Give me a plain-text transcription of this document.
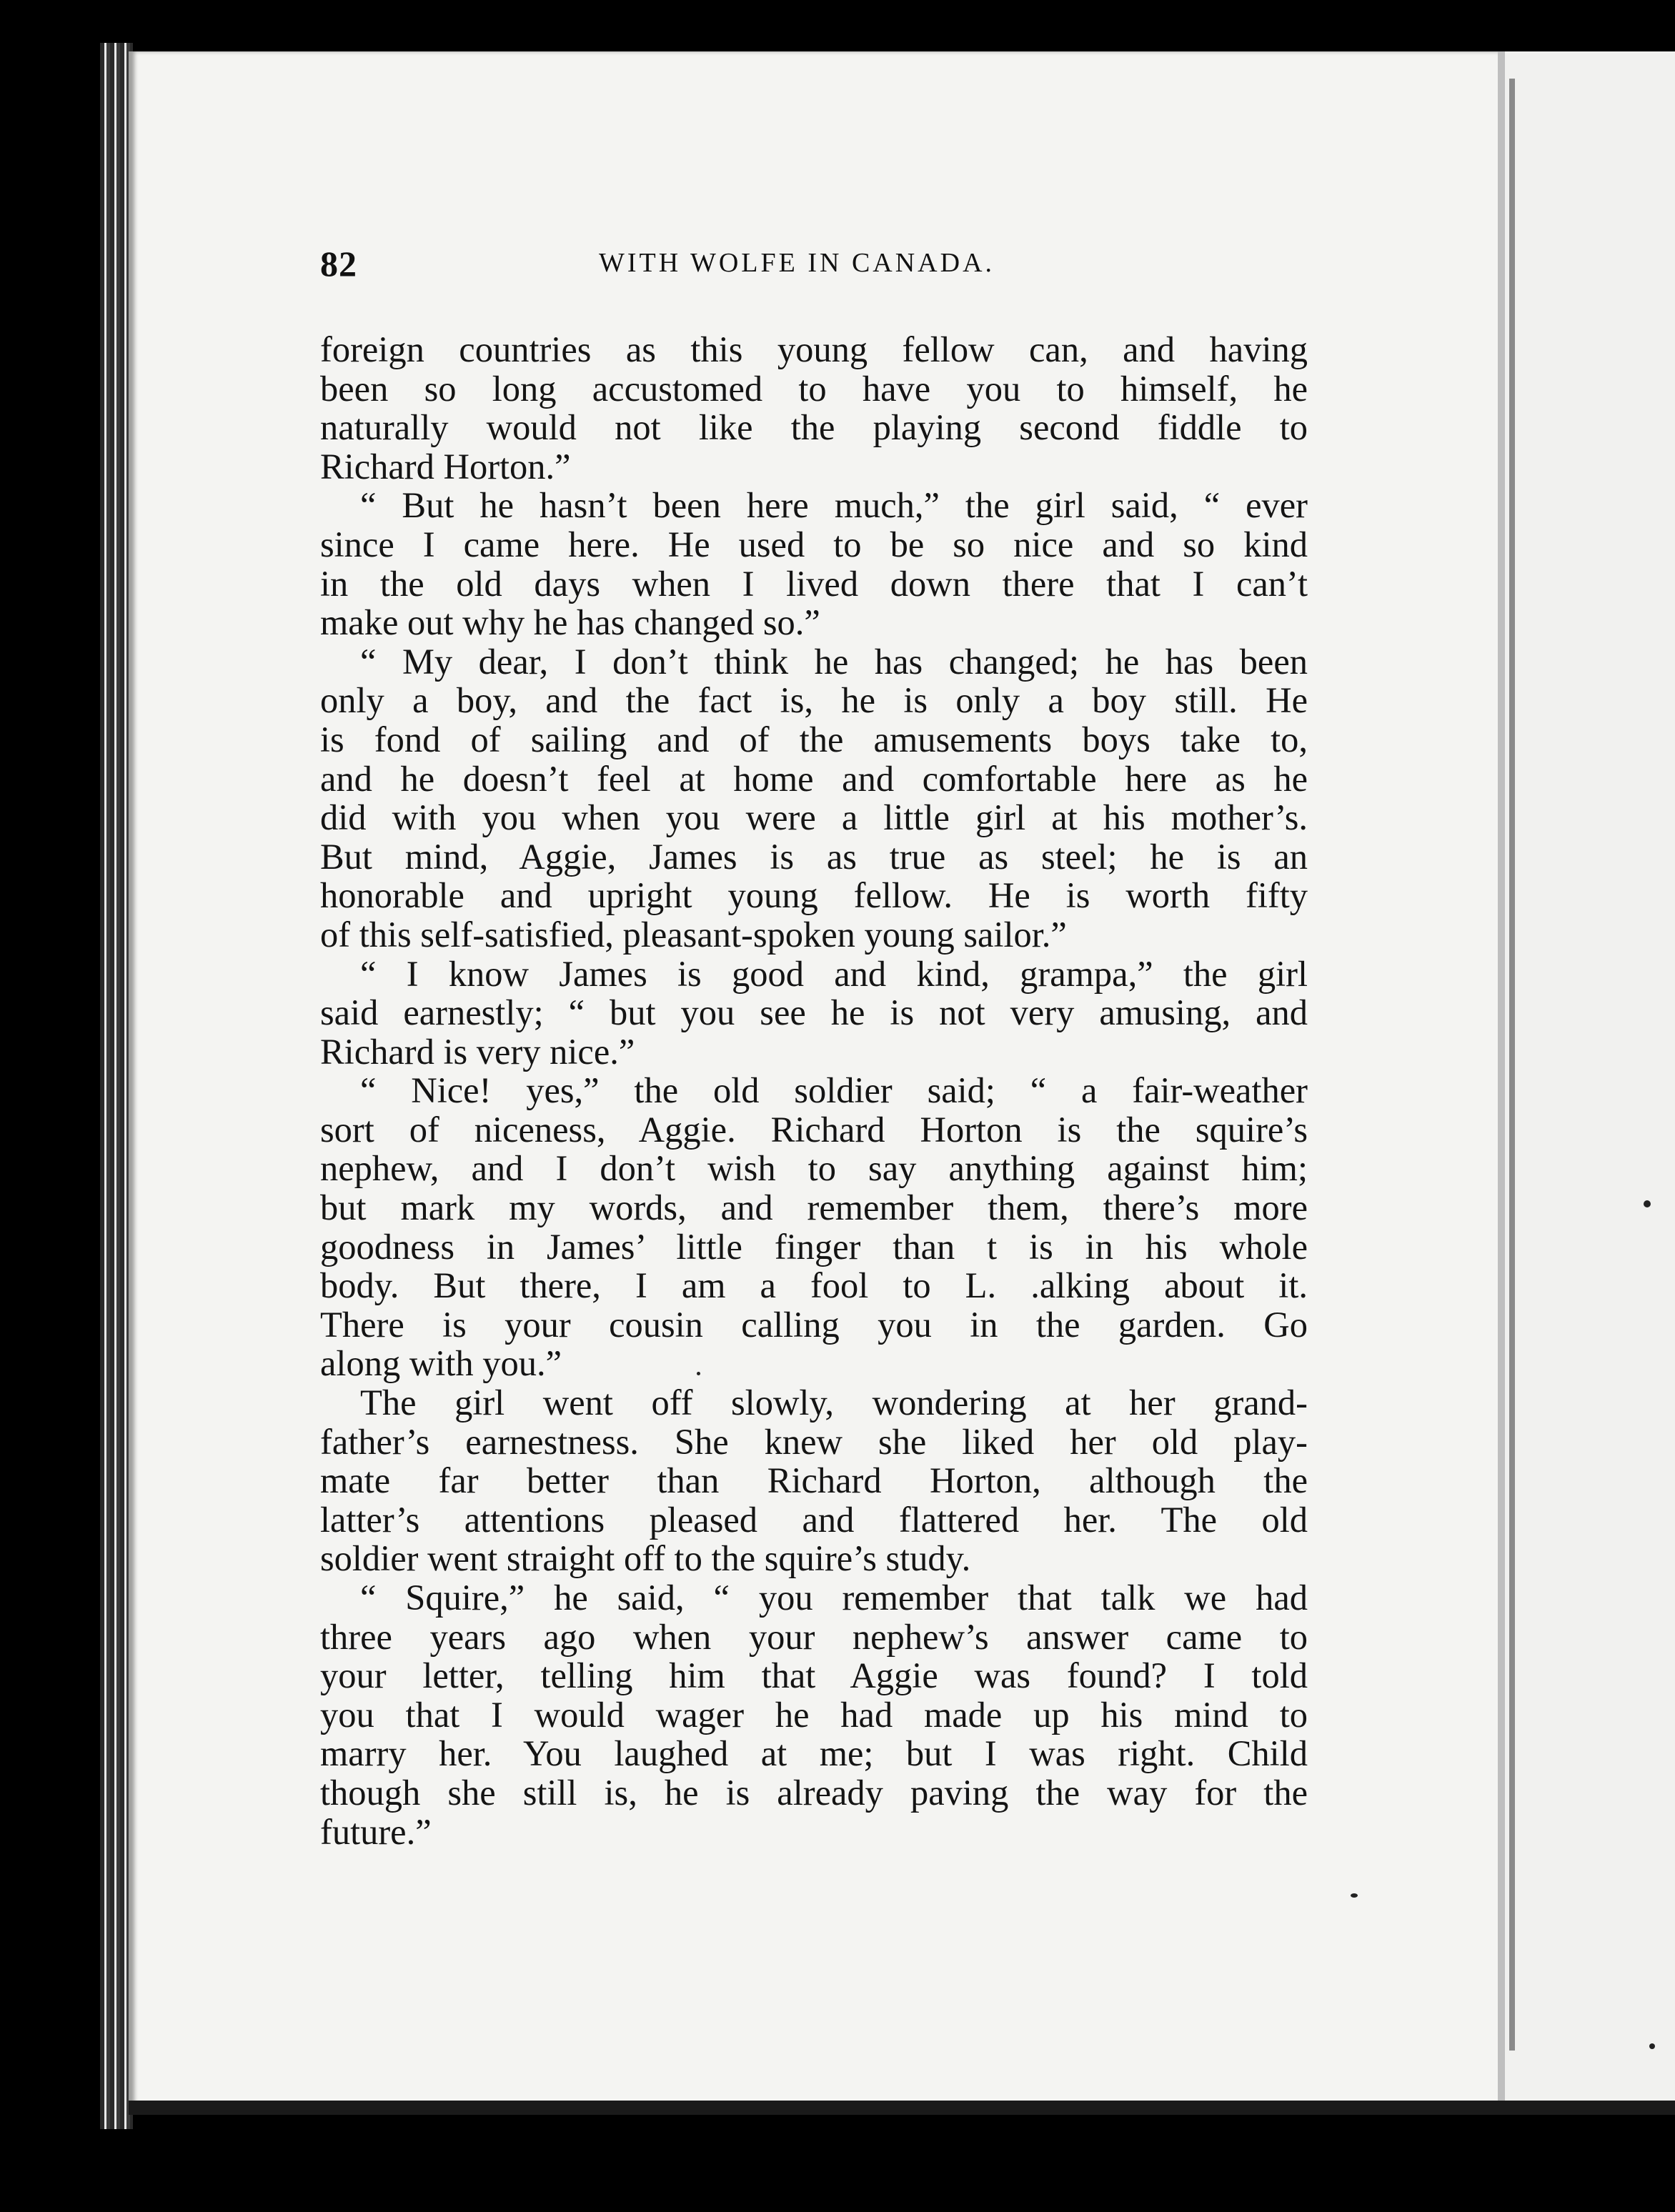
82	WITH WOLFE IN CANADA.
foreign countries as this young fellow can, and having
been so long accustomed to have you to himself, he
naturally would not like the playing second fiddle to
Richard Horton.”
“ But he hasn’t been here much,” the girl said, “ ever
since I came here. He used to be so nice and so kind
in the old days when I lived down there that I can’t
make out why he has changed so.”
“ My dear, I don’t think he has changed; he has been
only a boy, and the fact is, he is only a boy still. He
is fond of sailing and of the amusements boys take to,
and he doesn’t feel at home and comfortable here as he
did with you when you were a little girl at his mother’s.
But mind, Aggie, James is as true as steel; he is an
honorable and upright young fellow. He is worth fifty
of this self-satisfied, pleasant-spoken young sailor.”
“ I know James is good and kind, grampa,” the girl
said earnestly; “ but you see he is not very amusing, and
Richard is very nice.”
“ Nice! yes,” the old soldier said; “ a fair-weather
sort of niceness, Aggie. Richard Horton is the squire’s
nephew, and I don’t wish to say anything against him;
but mark my words, and remember them, there’s more
goodness in James’ little finger than t is in his whole
body. But there, I am a fool to L. .alking about it.
There is your cousin calling you in the garden. Go
along with you.”
The girl went off slowly, wondering at her grand-
father’s earnestness. She knew she liked her old play-
mate far better than Richard Horton, although the
latter’s attentions pleased and flattered her. The old
soldier went straight off to the squire’s study.
“ Squire,” he said, “ you remember that talk we had
three years ago when your nephew’s answer came to
your letter, telling him that Aggie was found? I told
you that I would wager he had made up his mind to
marry her. You laughed at me; but I was right. Child
though she still is, he is already paving the way for the
future.”
